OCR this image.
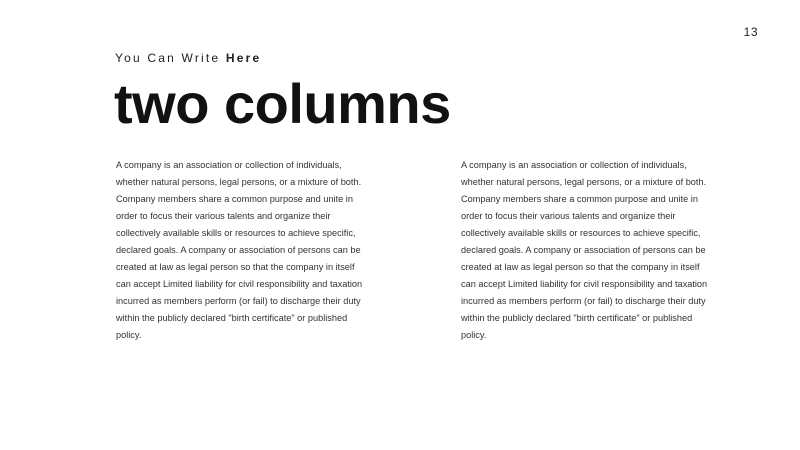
13
You Can Write Here
two columns
A company is an association or collection of individuals,
whether natural persons, legal persons, or a mixture of both.
Company members share a common purpose and unite in
order to focus their various talents and organize their
collectively available skills or resources to achieve specific,
declared goals. A company or association of persons can be
created at law as legal person so that the company in itself
can accept Limited liability for civil responsibility and taxation
incurred as members perform (or fail) to discharge their duty
within the publicly declared "birth certificate" or published
policy.
A company is an association or collection of individuals,
whether natural persons, legal persons, or a mixture of both.
Company members share a common purpose and unite in
order to focus their various talents and organize their
collectively available skills or resources to achieve specific,
declared goals. A company or association of persons can be
created at law as legal person so that the company in itself
can accept Limited liability for civil responsibility and taxation
incurred as members perform (or fail) to discharge their duty
within the publicly declared "birth certificate" or published
policy.
